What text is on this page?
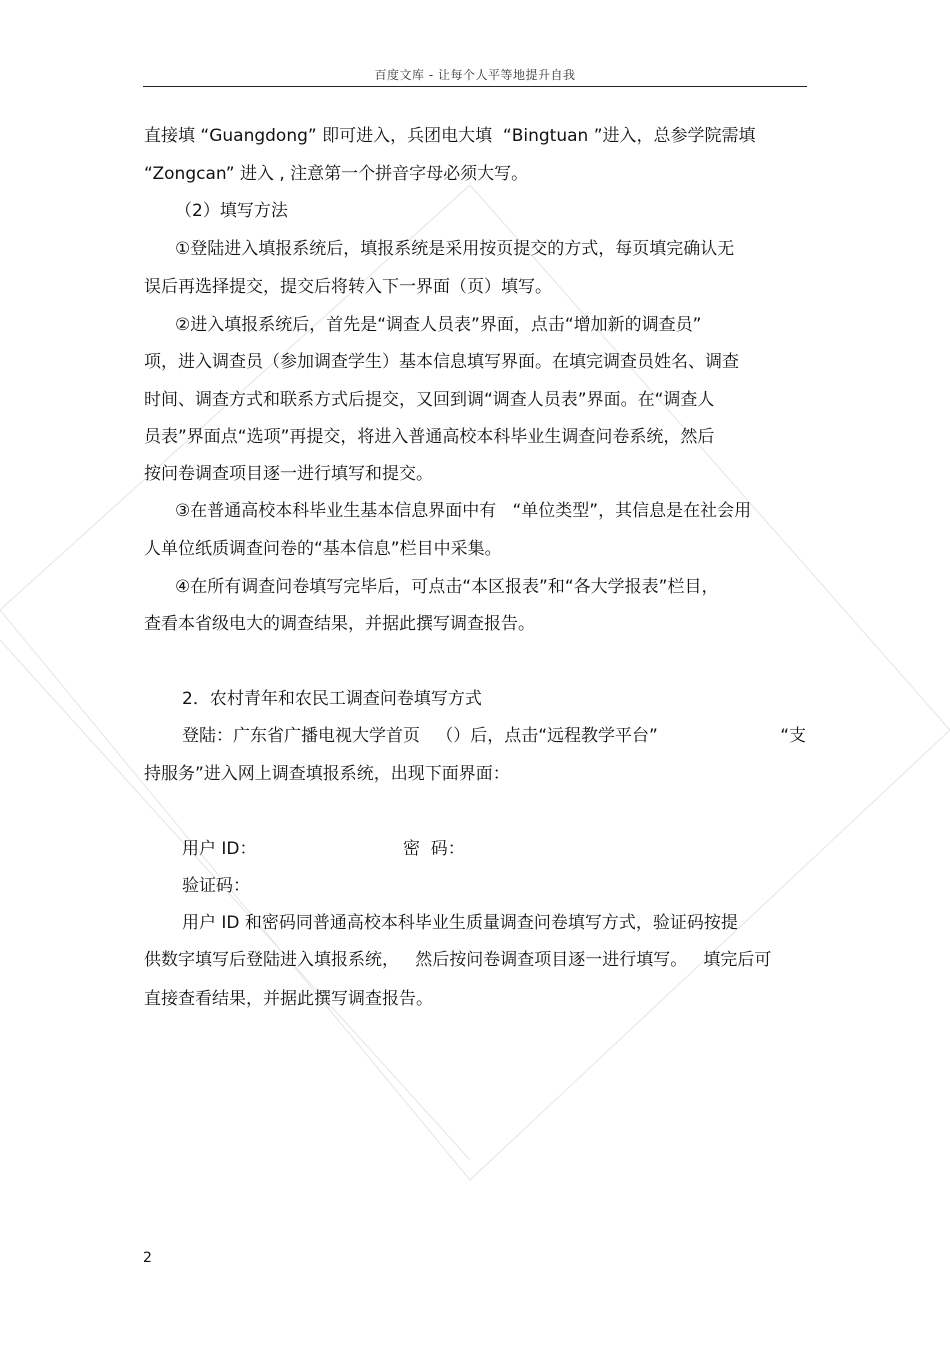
百度文库 - 让每个人平等地提升自我
直接填 “Guangdong” 即可进入，兵团电大填  “Bingtuan ”进入，总参学院需填
“Zongcan” 进入 , 注意第一个拼音字母必须大写。
（2）填写方法
①登陆进入填报系统后，填报系统是采用按页提交的方式，每页填完确认无
误后再选择提交，提交后将转入下一界面（页）填写。
②进入填报系统后，首先是“调查人员表”界面，点击“增加新的调查员”
项，进入调查员（参加调查学生）基本信息填写界面。在填完调查员姓名、调查
时间、调查方式和联系方式后提交，又回到调“调查人员表”界面。在“调查人
员表”界面点“选项”再提交，将进入普通高校本科毕业生调查问卷系统，然后
按问卷调查项目逐一进行填写和提交。
③在普通高校本科毕业生基本信息界面中有   “单位类型”，其信息是在社会用
人单位纸质调查问卷的“基本信息”栏目中采集。
④在所有调查问卷填写完毕后，可点击“本区报表”和“各大学报表”栏目，
查看本省级电大的调查结果，并据此撰写调查报告。
2．农村青年和农民工调查问卷填写方式
登陆：广东省广播电视大学首页   （）后，点击“远程教学平台”	“支
持服务”进入网上调查填报系统，出现下面界面：
用户 ID：	密  码：
验证码：
用户 ID 和密码同普通高校本科毕业生质量调查问卷填写方式，验证码按提
供数字填写后登陆进入填报系统，   然后按问卷调查项目逐一进行填写。   填完后可
直接查看结果，并据此撰写调查报告。
2
